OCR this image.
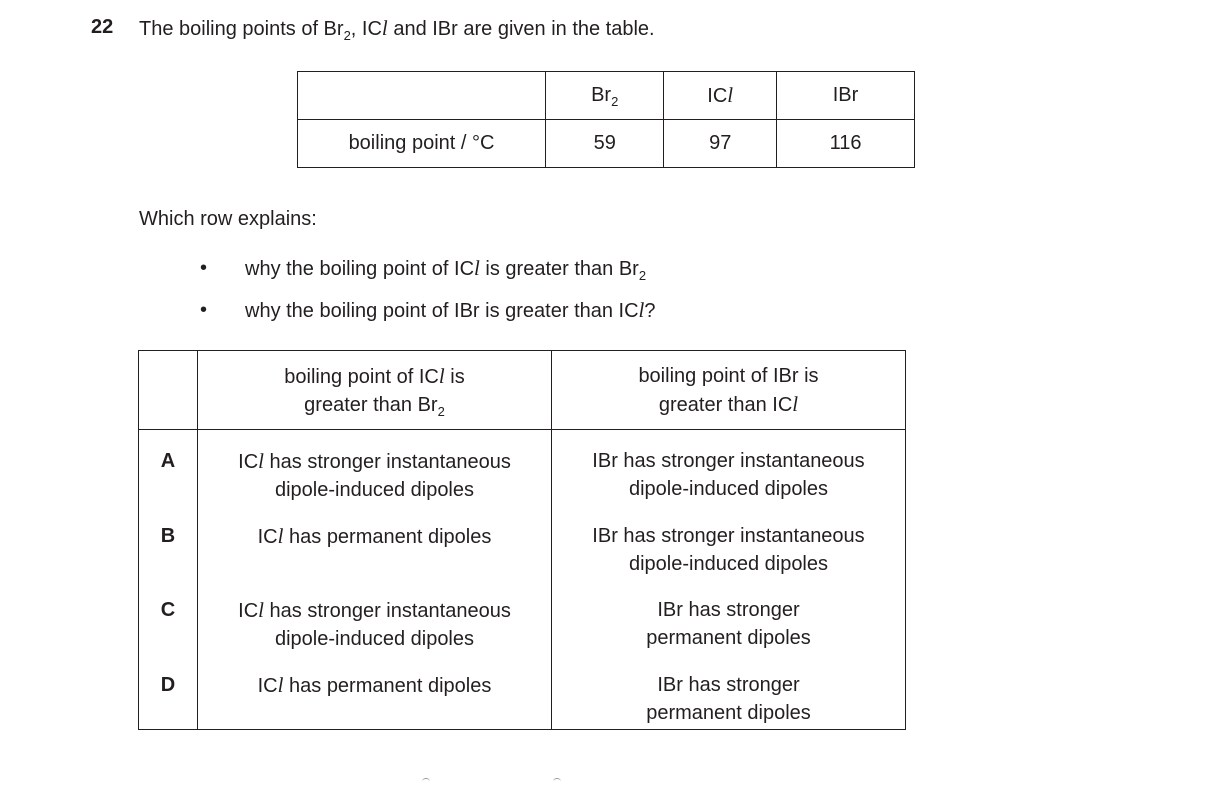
22 The boiling points of $Br_2$, ICl and IBr are given in the table.
	$Br_2$	ICl	IBr
boiling point / °C	59	97	116
Which row explains:
• why the boiling point of ICl is greater than $Br_2$
• why the boiling point of IBr is greater than ICl?
	boiling point of ICl is
greater than $Br_2$	boiling point of IBr is
greater than ICl
A	ICl has stronger instantaneous
dipole-induced dipoles	IBr has stronger instantaneous
dipole-induced dipoles
B	ICl has permanent dipoles	IBr has stronger instantaneous
dipole-induced dipoles
C	ICl has stronger instantaneous
dipole-induced dipoles	IBr has stronger
permanent dipoles
D	ICl has permanent dipoles	IBr has stronger
permanent dipoles
